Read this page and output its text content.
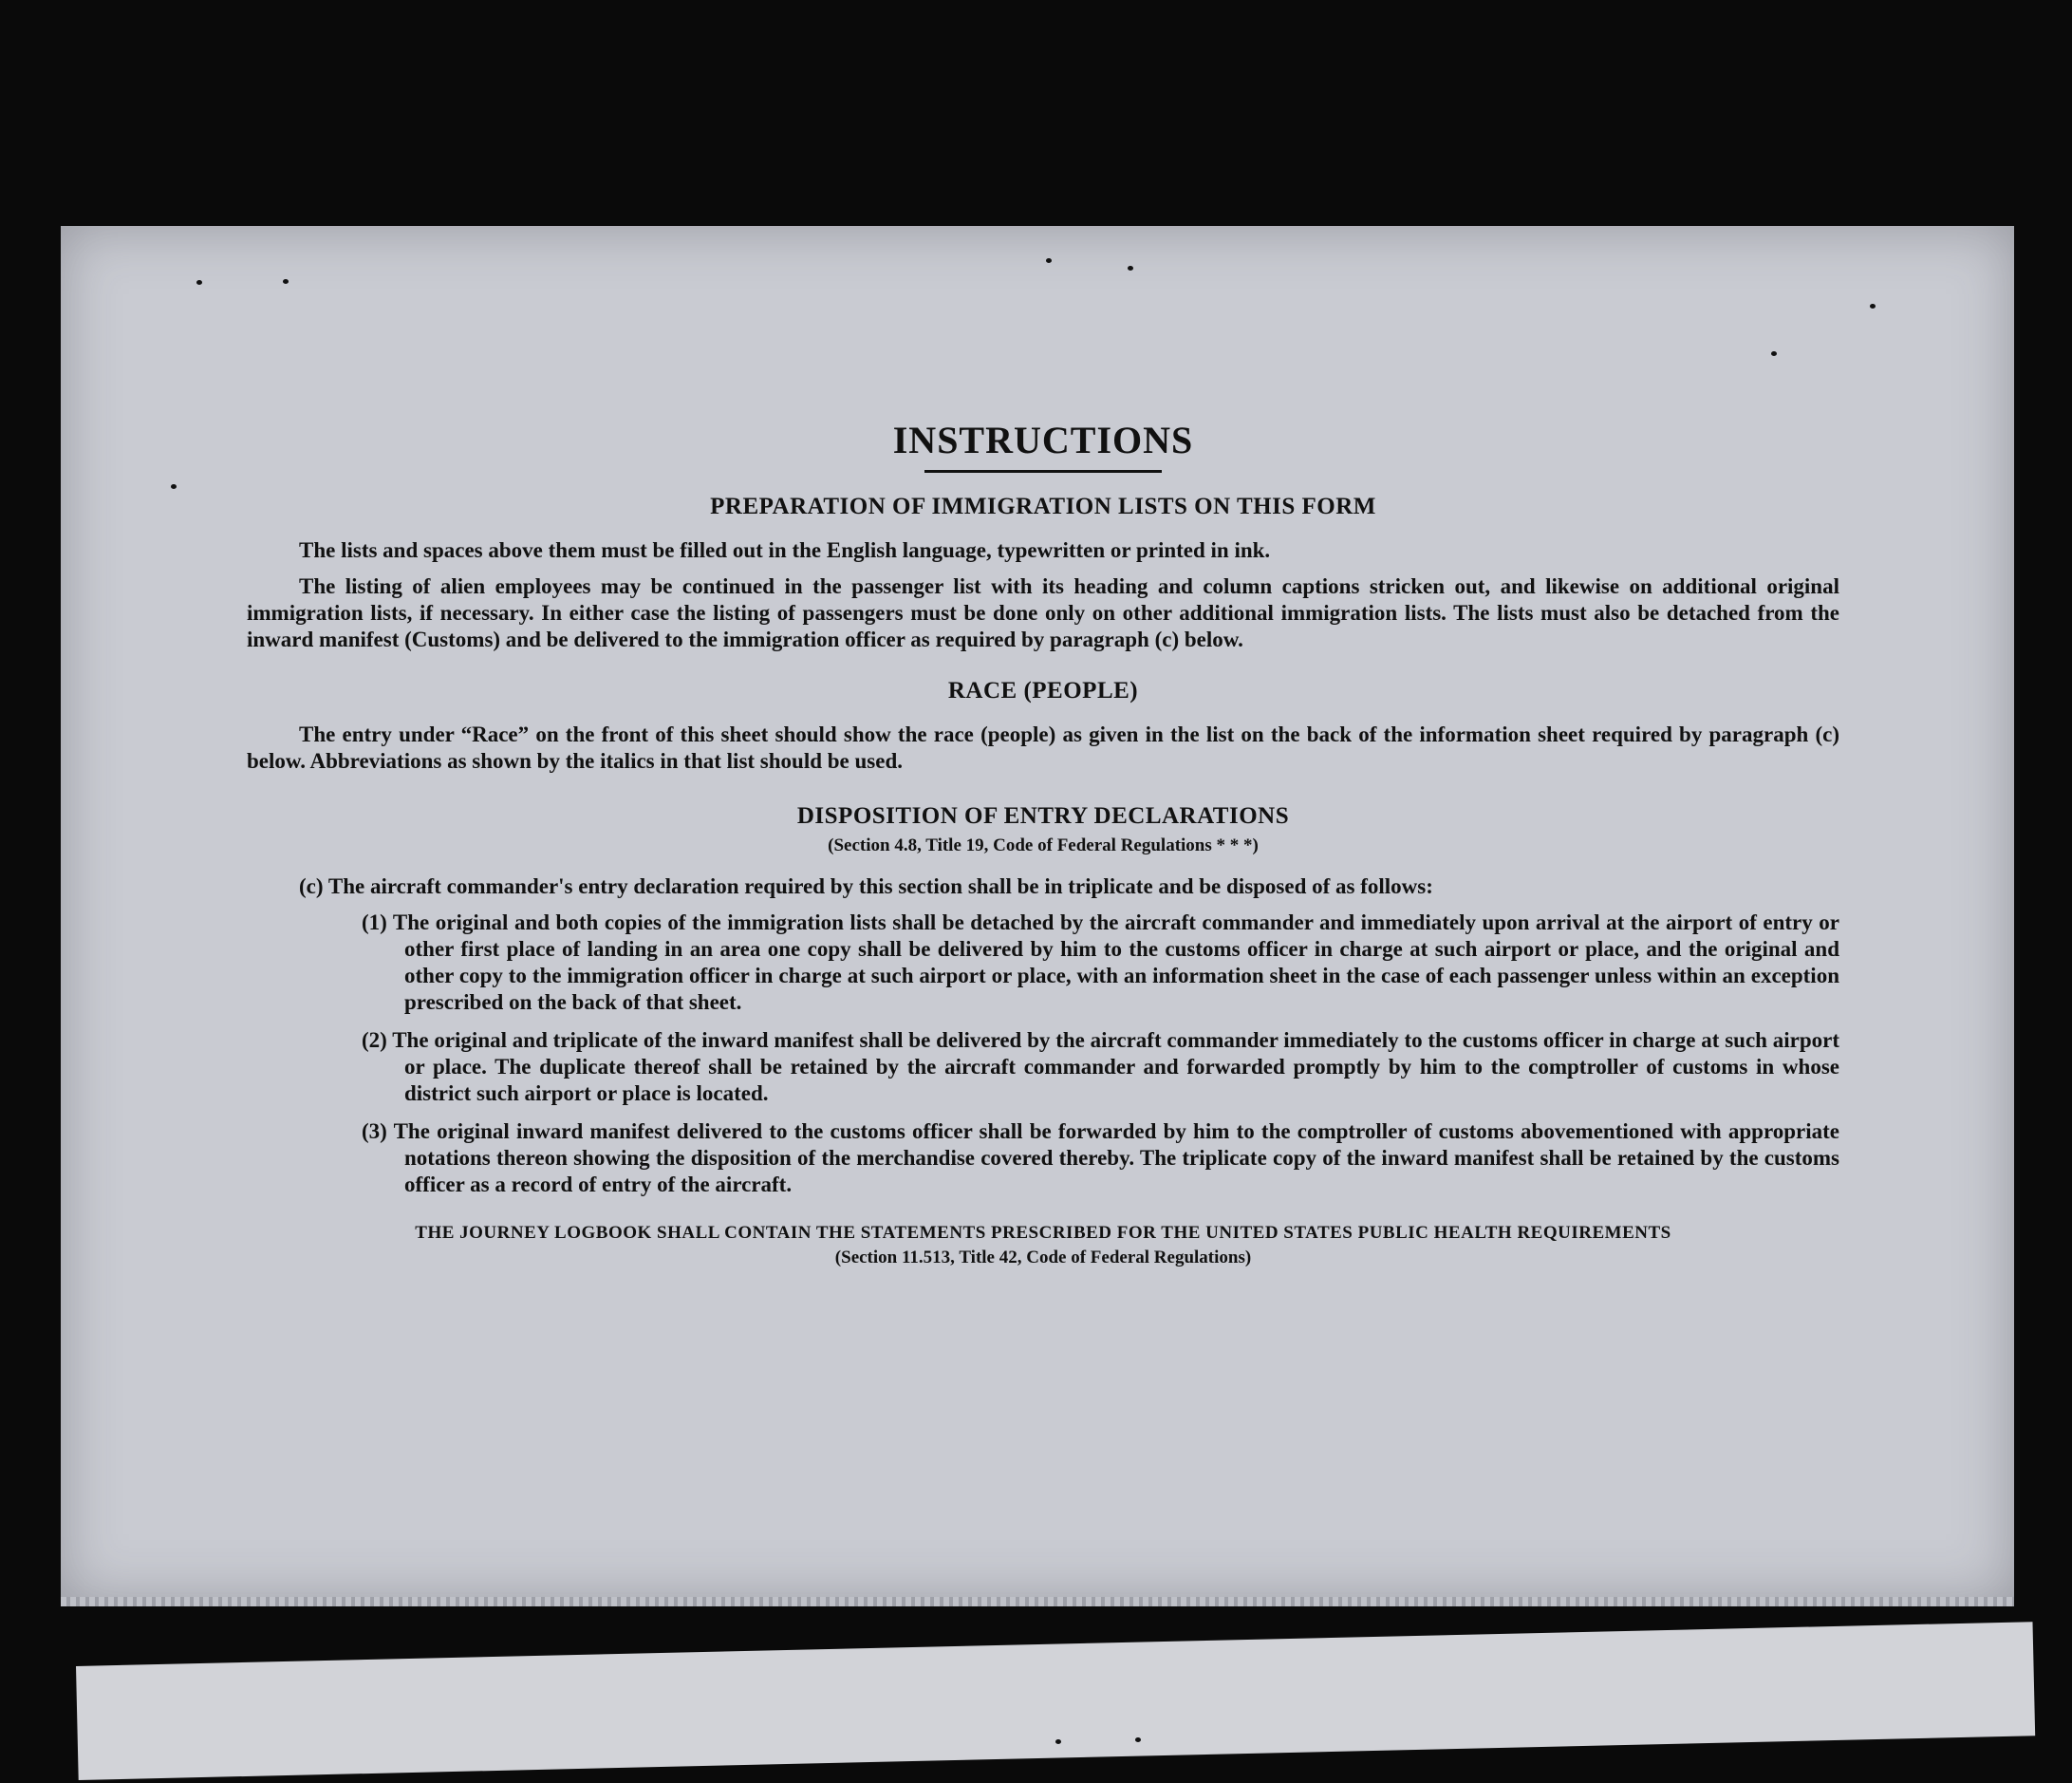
INSTRUCTIONS
PREPARATION OF IMMIGRATION LISTS ON THIS FORM

The lists and spaces above them must be filled out in the English language, typewritten or printed in ink.

The listing of alien employees may be continued in the passenger list with its heading and column captions stricken out, and likewise on additional original immigration lists, if necessary. In either case the listing of passengers must be done only on other additional immigration lists. The lists must also be detached from the inward manifest (Customs) and be delivered to the immigration officer as required by paragraph (c) below.

RACE (PEOPLE)

The entry under “Race” on the front of this sheet should show the race (people) as given in the list on the back of the information sheet required by paragraph (c) below. Abbreviations as shown by the italics in that list should be used.

DISPOSITION OF ENTRY DECLARATIONS
(Section 4.8, Title 19, Code of Federal Regulations * * *)

(c) The aircraft commander's entry declaration required by this section shall be in triplicate and be disposed of as follows:

(1) The original and both copies of the immigration lists shall be detached by the aircraft commander and immediately upon arrival at the airport of entry or other first place of landing in an area one copy shall be delivered by him to the customs officer in charge at such airport or place, and the original and other copy to the immigration officer in charge at such airport or place, with an information sheet in the case of each passenger unless within an exception prescribed on the back of that sheet.

(2) The original and triplicate of the inward manifest shall be delivered by the aircraft commander immediately to the customs officer in charge at such airport or place. The duplicate thereof shall be retained by the aircraft commander and forwarded promptly by him to the comptroller of customs in whose district such airport or place is located.

(3) The original inward manifest delivered to the customs officer shall be forwarded by him to the comptroller of customs abovementioned with appropriate notations thereon showing the disposition of the merchandise covered thereby. The triplicate copy of the inward manifest shall be retained by the customs officer as a record of entry of the aircraft.

THE JOURNEY LOGBOOK SHALL CONTAIN THE STATEMENTS PRESCRIBED FOR THE UNITED STATES PUBLIC HEALTH REQUIREMENTS
(Section 11.513, Title 42, Code of Federal Regulations)
